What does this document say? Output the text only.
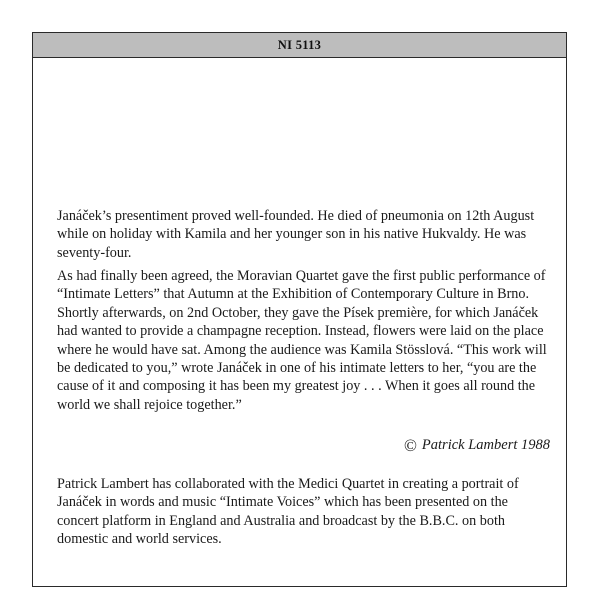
NI 5113

Janáček’s presentiment proved well-founded. He died of pneumonia on 12th August while on holiday with Kamila and her younger son in his native Hukvaldy. He was seventy-four.

As had finally been agreed, the Moravian Quartet gave the first public performance of “Intimate Letters” that Autumn at the Exhibition of Contemporary Culture in Brno. Shortly afterwards, on 2nd October, they gave the Písek première, for which Janáček had wanted to provide a champagne reception. Instead, flowers were laid on the place where he would have sat. Among the audience was Kamila Stösslová. “This work will be dedicated to you,” wrote Janáček in one of his intimate letters to her, “you are the cause of it and composing it has been my greatest joy . . . When it goes all round the world we shall rejoice together.”

© Patrick Lambert 1988

Patrick Lambert has collaborated with the Medici Quartet in creating a portrait of Janáček in words and music “Intimate Voices” which has been presented on the concert platform in England and Australia and broadcast by the B.B.C. on both domestic and world services.
